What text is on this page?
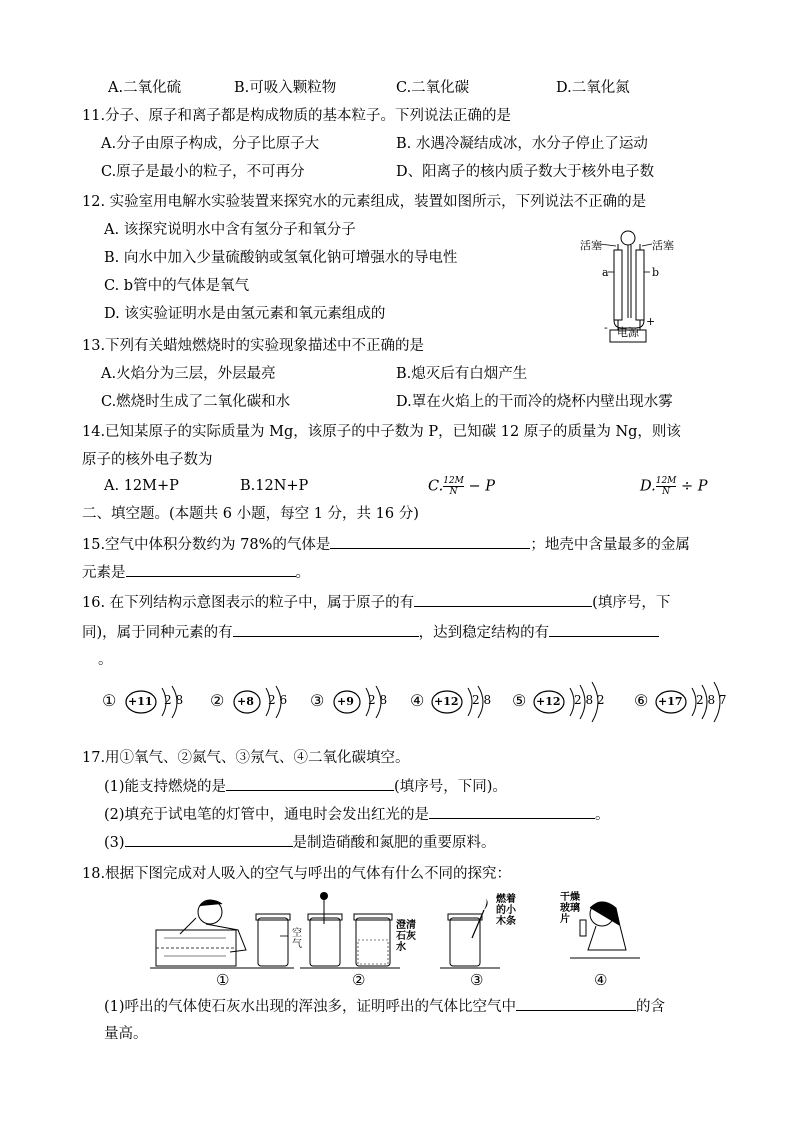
A.二氧化硫	B.可吸入颗粒物	C.二氧化碳	D.二氧化氮
11.分子、原子和离子都是构成物质的基本粒子。下列说法正确的是
A.分子由原子构成，分子比原子大	B. 水遇冷凝结成冰，水分子停止了运动
C.原子是最小的粒子，不可再分	D、阳离子的核内质子数大于核外电子数
12. 实验室用电解水实验装置来探究水的元素组成，装置如图所示，下列说法不正确的是
A. 该探究说明水中含有氢分子和氧分子
B. 向水中加入少量硫酸钠或氢氧化钠可增强水的导电性
C. b管中的气体是氧气
D. 该实验证明水是由氢元素和氧元素组成的
活塞	活塞
a	b
电源
-	+
13.下列有关蜡烛燃烧时的实验现象描述中不正确的是
A.火焰分为三层，外层最亮	B.熄灭后有白烟产生
C.燃烧时生成了二氧化碳和水	D.罩在火焰上的干而冷的烧杯内壁出现水雾
14.已知某原子的实际质量为 Mg，该原子的中子数为 P，已知碳 12 原子的质量为 Ng，则该
原子的核外电子数为
A. 12M+P	B.12N+P	C. $\frac{12M}{N} - P$	D. $\frac{12M}{N} \div P$
二、填空题。(本题共 6 小题，每空 1 分，共 16 分)
15.空气中体积分数约为 78%的气体是	；地壳中含量最多的金属
元素是	。
16. 在下列结构示意图表示的粒子中，属于原子的有	(填序号，下
同)，属于同种元素的有	，达到稳定结构的有
。
① +11 2 8 ② +8 2 6 ③ +9 2 8 ④ +12 2 8 ⑤ +12 2 8 2 ⑥ +17 2 8 7
17.用①氧气、②氮气、③氖气、④二氧化碳填空。
(1)能支持燃烧的是	(填序号，下同)。
(2)填充于试电笔的灯管中，通电时会发出红光的是	。
(3)	是制造硝酸和氮肥的重要原料。
18.根据下图完成对人吸入的空气与呼出的气体有什么不同的探究：
空气
澄清石灰水
燃着的小木条
干燥玻璃片
①	②	③	④
(1)呼出的气体使石灰水出现的浑浊多，证明呼出的气体比空气中	的含
量高。
